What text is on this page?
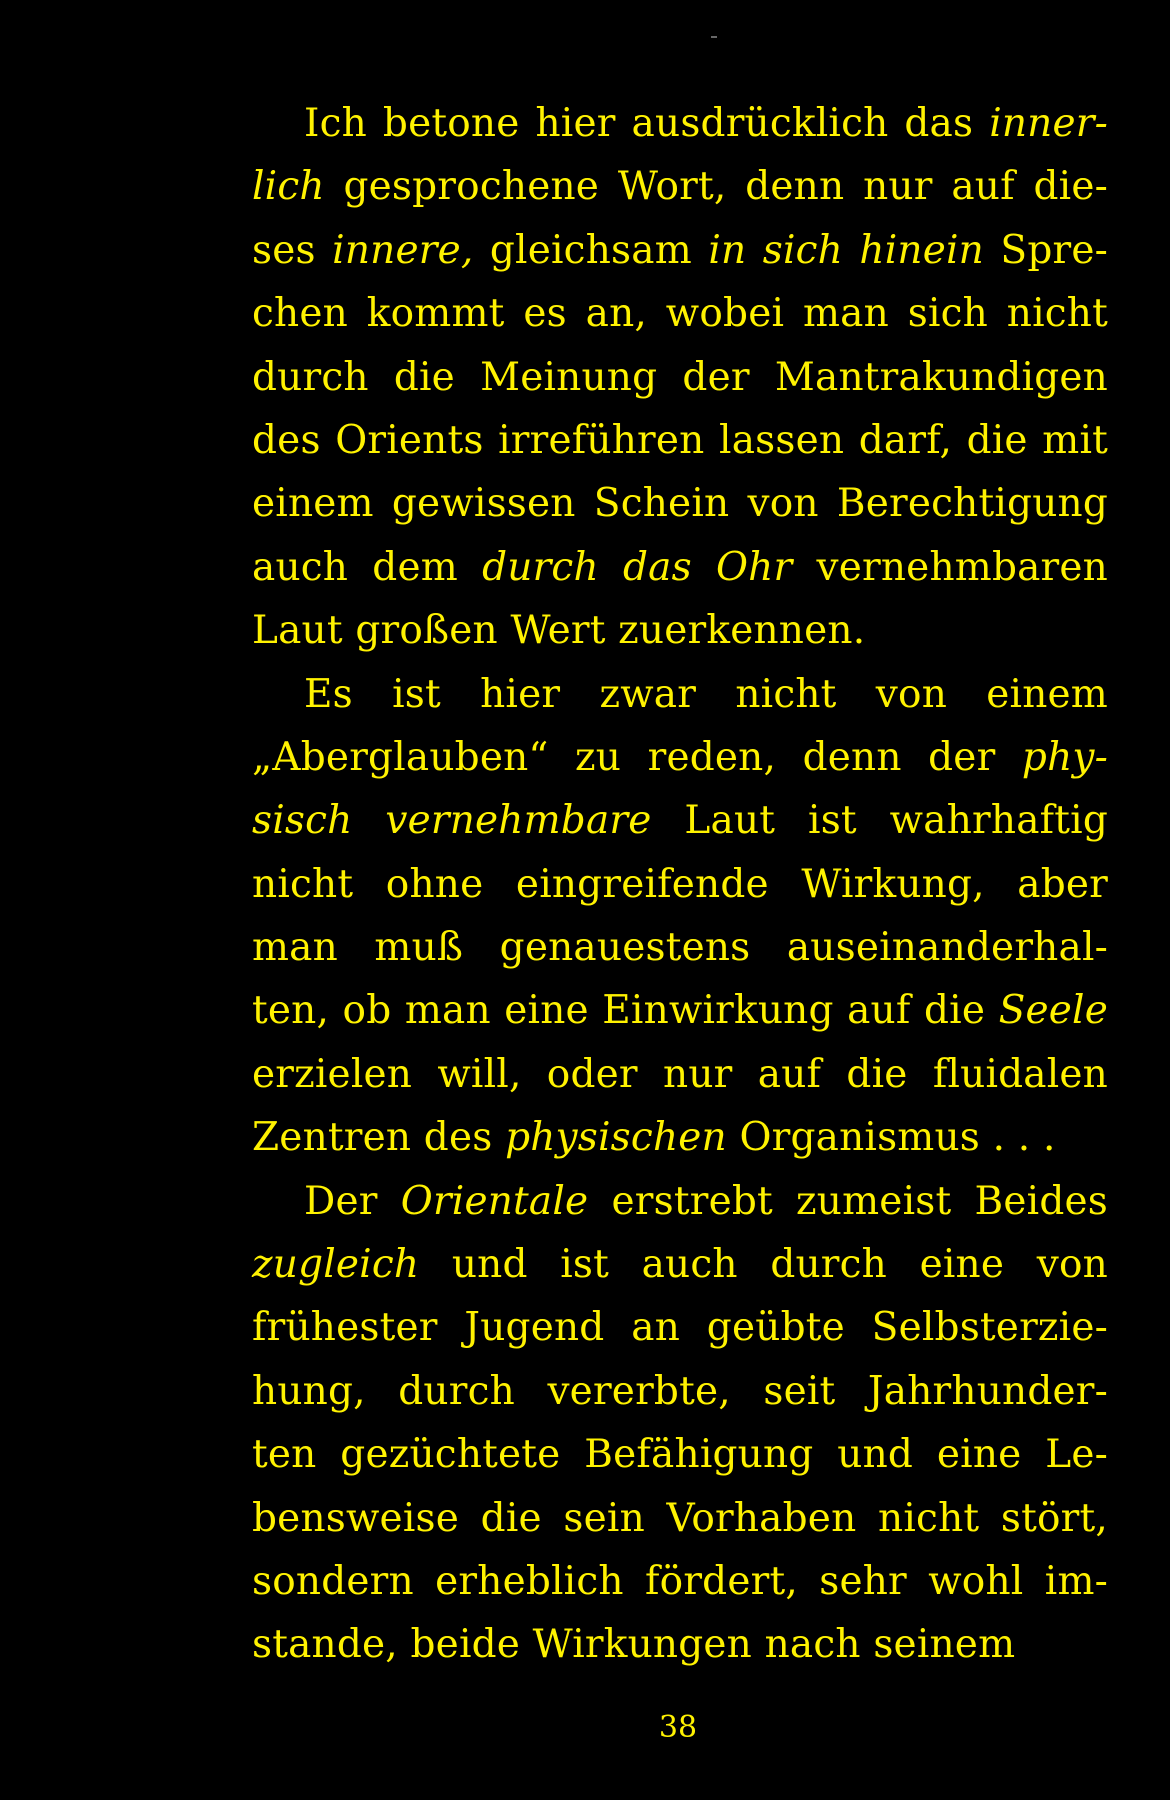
Ich betone hier ausdrücklich das inner-
lich gesprochene Wort, denn nur auf die-
ses innere, gleichsam in sich hinein Spre-
chen kommt es an, wobei man sich nicht
durch die Meinung der Mantrakundigen
des Orients irreführen lassen darf, die mit
einem gewissen Schein von Berechtigung
auch dem durch das Ohr vernehmbaren
Laut großen Wert zuerkennen.
Es ist hier zwar nicht von einem
„Aberglauben“ zu reden, denn der phy-
sisch vernehmbare Laut ist wahrhaftig
nicht ohne eingreifende Wirkung, aber
man muß genauestens auseinanderhal-
ten, ob man eine Einwirkung auf die Seele
erzielen will, oder nur auf die fluidalen
Zentren des physischen Organismus . . .
Der Orientale erstrebt zumeist Beides
zugleich und ist auch durch eine von
frühester Jugend an geübte Selbsterzie-
hung, durch vererbte, seit Jahrhunder-
ten gezüchtete Befähigung und eine Le-
bensweise die sein Vorhaben nicht stört,
sondern erheblich fördert, sehr wohl im-
stande, beide Wirkungen nach seinem
38
